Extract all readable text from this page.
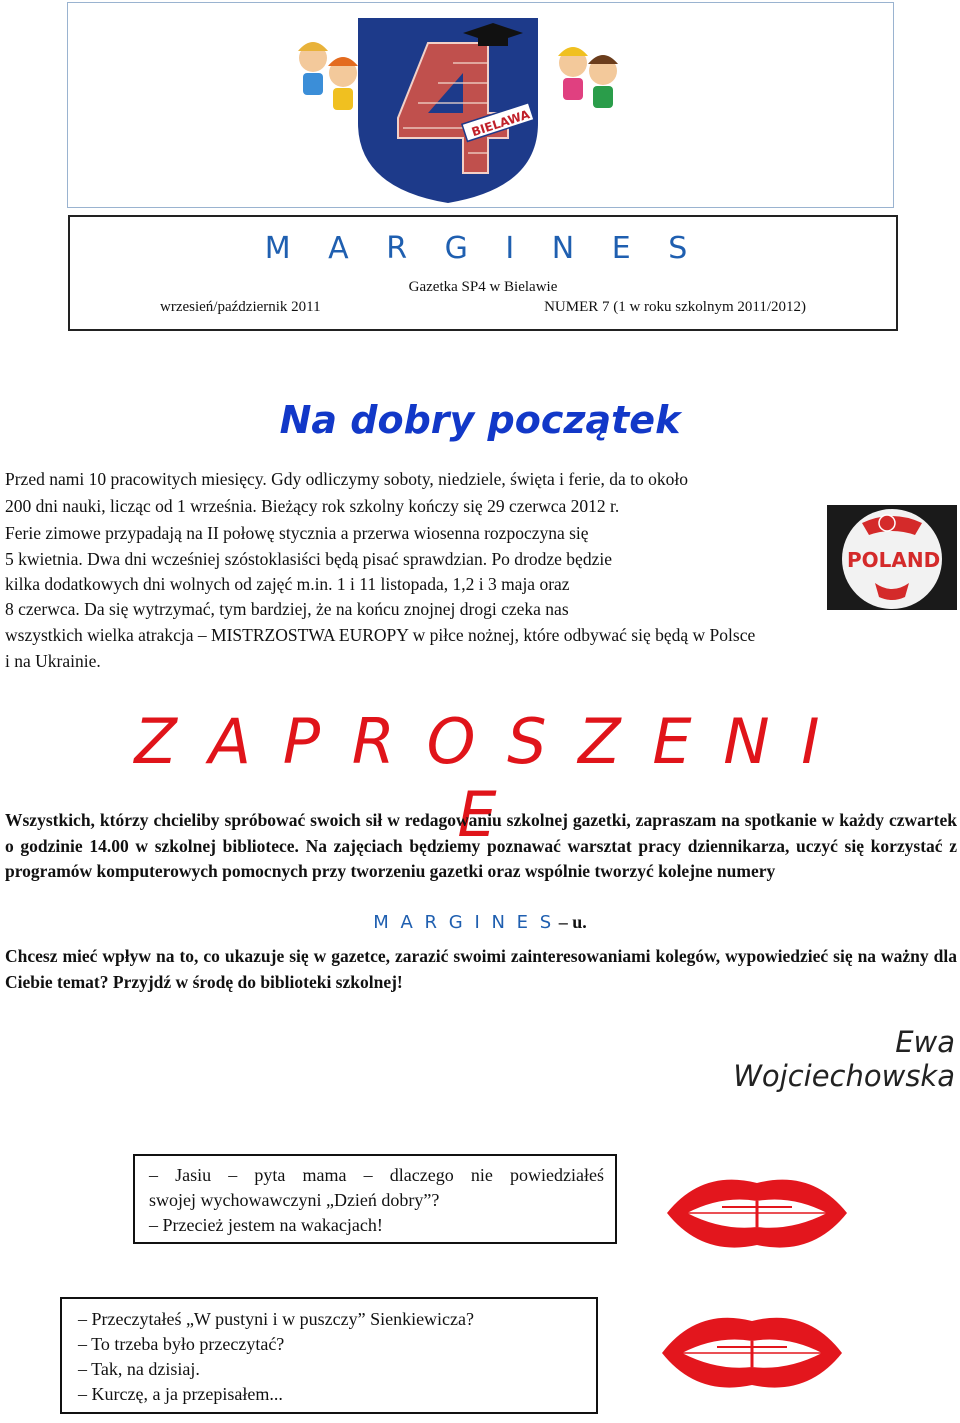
BIELAWA
M A R G I N E S
Gazetka SP4 w Bielawie
wrzesień/październik 2011	NUMER 7 (1 w roku szkolnym 2011/2012)
Na dobry początek
Przed nami 10 pracowitych miesięcy. Gdy odliczymy soboty, niedziele, święta i ferie, da to około
200 dni nauki, licząc od 1 września. Bieżący rok szkolny kończy się 29 czerwca 2012 r.
Ferie zimowe przypadają na II połowę stycznia a przerwa wiosenna rozpoczyna się
5 kwietnia. Dwa dni wcześniej szóstoklasiści będą pisać sprawdzian. Po drodze będzie
kilka dodatkowych dni wolnych od zajęć m.in. 1 i 11 listopada, 1,2 i 3 maja oraz
8 czerwca. Da się wytrzymać, tym bardziej, że na końcu znojnej drogi czeka nas
wszystkich wielka atrakcja – MISTRZOSTWA EUROPY w piłce nożnej, które odbywać się będą w Polsce
i na Ukrainie.
POLAND
Z A P R O S Z E N I E
Wszystkich, którzy chcieliby spróbować swoich sił w redagowaniu szkolnej gazetki, zapraszam na spotkanie w każdy czwartek o godzinie 14.00 w szkolnej bibliotece. Na zajęciach będziemy poznawać warsztat pracy dziennikarza, uczyć się korzystać z programów komputerowych pomocnych przy tworzeniu gazetki oraz wspólnie tworzyć kolejne numery
M A R G I N E S – u.
Chcesz mieć wpływ na to, co ukazuje się w gazetce, zarazić swoimi zainteresowaniami kolegów, wypowiedzieć się na ważny dla Ciebie temat? Przyjdź w środę do biblioteki szkolnej!
Ewa Wojciechowska
– Jasiu – pyta mama – dlaczego nie powiedziałeś
swojej wychowawczyni „Dzień dobry”?
– Przecież jestem na wakacjach!
– Przeczytałeś „W pustyni i w puszczy” Sienkiewicza?
– To trzeba było przeczytać?
– Tak, na dzisiaj.
– Kurczę, a ja przepisałem...
